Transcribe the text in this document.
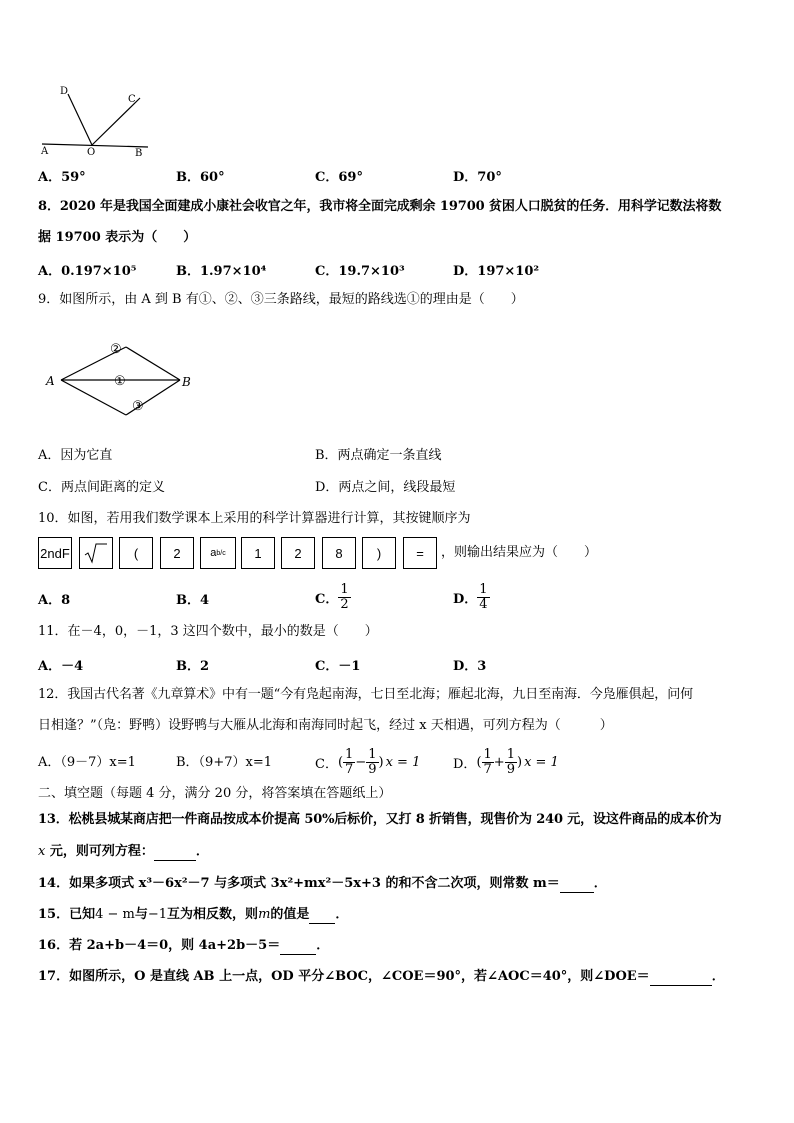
D
C
A	O	B
A．59°	B．60°	C．69°	D．70°
8．2020 年是我国全面建成小康社会收官之年，我市将全面完成剩余 19700 贫困人口脱贫的任务．用科学记数法将数
据 19700 表示为（　　）
A．0.197×10⁵	B．1.97×10⁴	C．19.7×10³	D．197×10²
9．如图所示，由 A 到 B 有①、②、③三条路线，最短的路线选①的理由是（　　）
A	B
②
①
③
A．因为它直	B．两点确定一条直线
C．两点间距离的定义	D．两点之间，线段最短
10．如图，若用我们数学课本上采用的科学计算器进行计算，其按键顺序为
2ndF	(	2	a b/c	1	2	8	)	=	，则输出结果应为（　　）
A．8	B．4	C． $\frac{1}{2}$	D． $\frac{1}{4}$
11．在－4，0，－1，3 这四个数中，最小的数是（　　）
A．－4	B．2	C．－1	D．3
12．我国古代名著《九章算术》中有一题“今有凫起南海，七日至北海；雁起北海，九日至南海．今凫雁俱起，问何
日相逢？”（凫：野鸭）设野鸭与大雁从北海和南海同时起飞，经过 x 天相遇，可列方程为（　　　）
A．（9－7）x=1	B．（9+7）x=1	C． ( $\frac{1}{7} - \frac{1}{9}$ ) x = 1	D． ( $\frac{1}{7} + \frac{1}{9}$ ) x = 1
二、填空题（每题 4 分，满分 20 分，将答案填在答题纸上）
13．松桃县城某商店把一件商品按成本价提高 50%后标价，又打 8 折销售，现售价为 240 元，设这件商品的成本价为
x 元，则可列方程：	．
14．如果多项式 x³－6x²－7 与多项式 3x²+mx²－5x+3 的和不含二次项，则常数 m＝	．
15．已知4 − m与−1互为相反数，则m的值是 ．
16．若 2a+b－4＝0，则 4a+2b－5＝	．
17．如图所示，O 是直线 AB 上一点，OD 平分∠BOC，∠COE＝90°，若∠AOC＝40°，则∠DOE＝	．
